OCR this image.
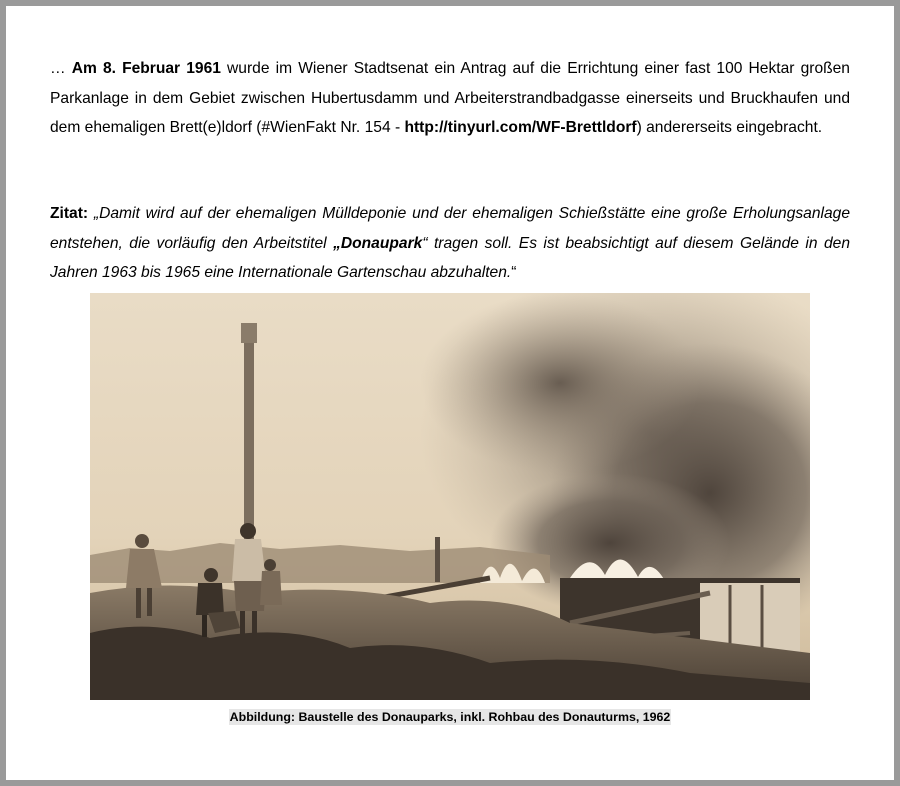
… Am 8. Februar 1961 wurde im Wiener Stadtsenat ein Antrag auf die Errichtung einer fast 100 Hektar großen Parkanlage in dem Gebiet zwischen Hubertusdamm und Arbeiterstrandbadgasse einerseits und Bruckhaufen und dem ehemaligen Brett(e)ldorf (#WienFakt Nr. 154 - http://tinyurl.com/WF-Brettldorf) andererseits eingebracht.

Zitat: „Damit wird auf der ehemaligen Mülldeponie und der ehemaligen Schießstätte eine große Erholungsanlage entstehen, die vorläufig den Arbeitstitel „Donaupark“ tragen soll. Es ist beabsichtigt auf diesem Gelände in den Jahren 1963 bis 1965 eine Internationale Gartenschau abzuhalten.“

Abbildung: Baustelle des Donauparks, inkl. Rohbau des Donauturms, 1962
